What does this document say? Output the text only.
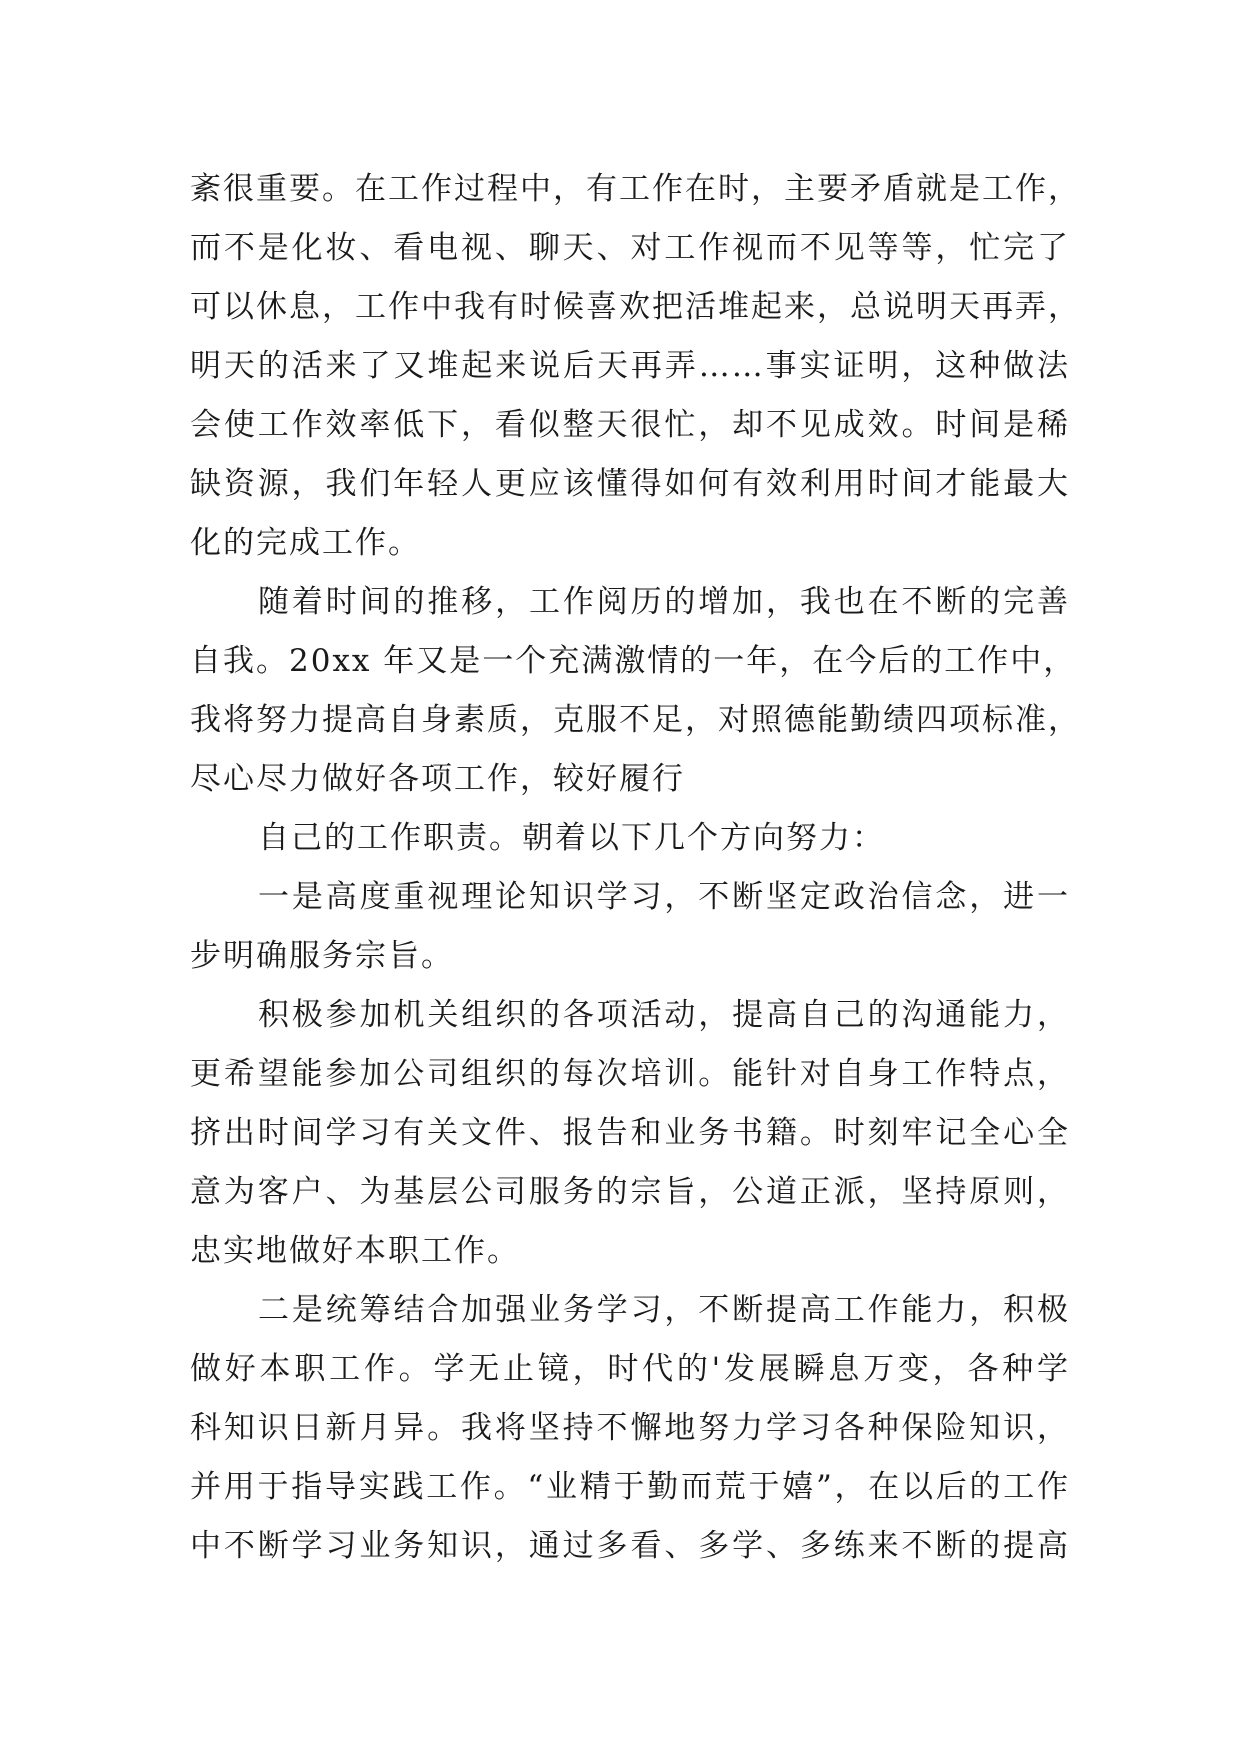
紊很重要。在工作过程中，有工作在时，主要矛盾就是工作，
而不是化妆、看电视、聊天、对工作视而不见等等，忙完了
可以休息，工作中我有时候喜欢把活堆起来，总说明天再弄，
明天的活来了又堆起来说后天再弄……事实证明，这种做法
会使工作效率低下，看似整天很忙，却不见成效。时间是稀
缺资源，我们年轻人更应该懂得如何有效利用时间才能最大
化的完成工作。
随着时间的推移，工作阅历的增加，我也在不断的完善
自我。20xx 年又是一个充满激情的一年，在今后的工作中，
我将努力提高自身素质，克服不足，对照德能勤绩四项标准，
尽心尽力做好各项工作，较好履行
自己的工作职责。朝着以下几个方向努力：
一是高度重视理论知识学习，不断坚定政治信念，进一
步明确服务宗旨。
积极参加机关组织的各项活动，提高自己的沟通能力，
更希望能参加公司组织的每次培训。能针对自身工作特点，
挤出时间学习有关文件、报告和业务书籍。时刻牢记全心全
意为客户、为基层公司服务的宗旨，公道正派，坚持原则，
忠实地做好本职工作。
二是统筹结合加强业务学习，不断提高工作能力，积极
做好本职工作。学无止镜，时代的'发展瞬息万变，各种学
科知识日新月异。我将坚持不懈地努力学习各种保险知识，
并用于指导实践工作。“业精于勤而荒于嬉”，在以后的工作
中不断学习业务知识，通过多看、多学、多练来不断的提高
